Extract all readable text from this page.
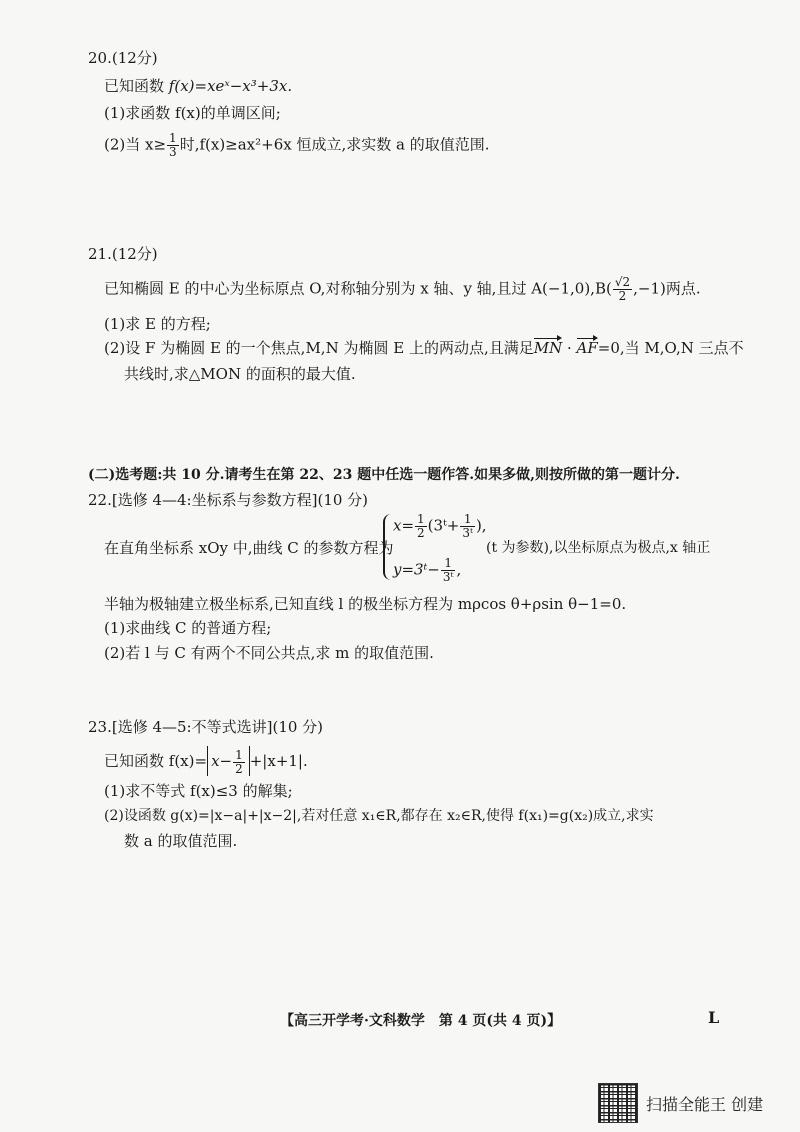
20.(12分)
已知函数 f(x)=xeˣ−x³+3x.
(1)求函数 f(x)的单调区间;
(2)当 $x\ge \frac{1}{3}$ 时,f(x)≥ax²+6x 恒成立,求实数 a 的取值范围.
21.(12分)
已知椭圆 E 的中心为坐标原点 O,对称轴分别为 x 轴、y 轴,且过 $A(-1,0),B( \frac{√2}{2} ,-1)$两点.
(1)求 E 的方程;
(2)设 F 为椭圆 E 的一个焦点,M,N 为椭圆 E 上的两动点,且满足MN · AF=0,当 M,O,N 三点不
共线时,求△MON 的面积的最大值.
(二)选考题:共 10 分.请考生在第 22、23 题中任选一题作答.如果多做,则按所做的第一题计分.
22.[选修 4—4:坐标系与参数方程](10 分)
在直角坐标系 xOy 中,曲线 C 的参数方程为
$x= \frac{1}{2}$ (3ᵗ+ $\frac{1}{\text{3ᵗ}}$ ),
y=3ᵗ− $\frac{1}{\text{3ᵗ}}$ ,
(t 为参数),以坐标原点为极点,x 轴正
半轴为极轴建立极坐标系,已知直线 l 的极坐标方程为 mρcos θ+ρsin θ−1=0.
(1)求曲线 C 的普通方程;
(2)若 l 与 C 有两个不同公共点,求 m 的取值范围.
23.[选修 4—5:不等式选讲](10 分)
已知函数 $f(x)= x- \frac{1}{2} +|x+1|$.
(1)求不等式 f(x)≤3 的解集;
(2)设函数 g(x)=|x−a|+|x−2|,若对任意 x₁∈R,都存在 x₂∈R,使得 f(x₁)=g(x₂)成立,求实
数 a 的取值范围.
【高三开学考·文科数学　第 4 页(共 4 页)】	L
扫描全能王 创建
